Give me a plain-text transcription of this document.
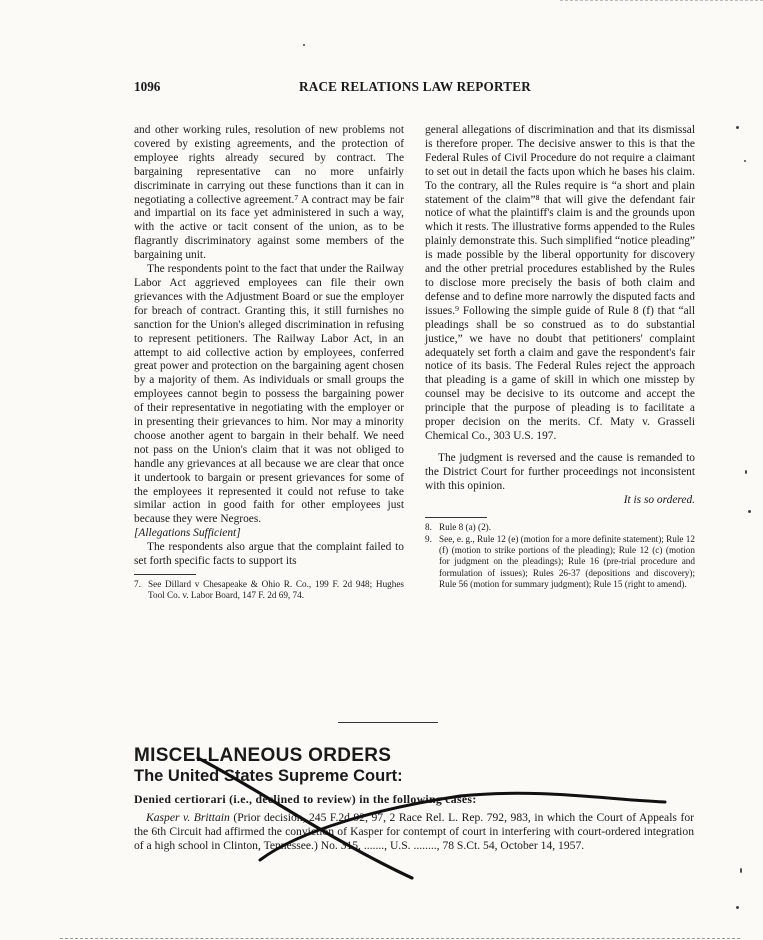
1096	RACE RELATIONS LAW REPORTER

and other working rules, resolution of new problems not covered by existing agreements, and the protection of employee rights already secured by contract. The bargaining representative can no more unfairly discriminate in carrying out these functions than it can in negotiating a collective agreement.⁷ A contract may be fair and impartial on its face yet administered in such a way, with the active or tacit consent of the union, as to be flagrantly discriminatory against some members of the bargaining unit.

The respondents point to the fact that under the Railway Labor Act aggrieved employees can file their own grievances with the Adjustment Board or sue the employer for breach of contract. Granting this, it still furnishes no sanction for the Union's alleged discrimination in refusing to represent petitioners. The Railway Labor Act, in an attempt to aid collective action by employees, conferred great power and protection on the bargaining agent chosen by a majority of them. As individuals or small groups the employees cannot begin to possess the bargaining power of their representative in negotiating with the employer or in presenting their grievances to him. Nor may a minority choose another agent to bargain in their behalf. We need not pass on the Union's claim that it was not obliged to handle any grievances at all because we are clear that once it undertook to bargain or present grievances for some of the employees it represented it could not refuse to take similar action in good faith for other employees just because they were Negroes.

[Allegations Sufficient]

The respondents also argue that the complaint failed to set forth specific facts to support its

7. See Dillard v Chesapeake & Ohio R. Co., 199 F. 2d 948; Hughes Tool Co. v. Labor Board, 147 F. 2d 69, 74.

general allegations of discrimination and that its dismissal is therefore proper. The decisive answer to this is that the Federal Rules of Civil Procedure do not require a claimant to set out in detail the facts upon which he bases his claim. To the contrary, all the Rules require is “a short and plain statement of the claim”⁸ that will give the defendant fair notice of what the plaintiff's claim is and the grounds upon which it rests. The illustrative forms appended to the Rules plainly demonstrate this. Such simplified “notice pleading” is made possible by the liberal opportunity for discovery and the other pretrial procedures established by the Rules to disclose more precisely the basis of both claim and defense and to define more narrowly the disputed facts and issues.⁹ Following the simple guide of Rule 8 (f) that “all pleadings shall be so construed as to do substantial justice,” we have no doubt that petitioners' complaint adequately set forth a claim and gave the respondent's fair notice of its basis. The Federal Rules reject the approach that pleading is a game of skill in which one misstep by counsel may be decisive to its outcome and accept the principle that the purpose of pleading is to facilitate a proper decision on the merits. Cf. Maty v. Grasseli Chemical Co., 303 U.S. 197.

The judgment is reversed and the cause is remanded to the District Court for further proceedings not inconsistent with this opinion.

It is so ordered.

8. Rule 8 (a) (2).
9. See, e. g., Rule 12 (e) (motion for a more definite statement); Rule 12 (f) (motion to strike portions of the pleading); Rule 12 (c) (motion for judgment on the pleadings); Rule 16 (pre-trial procedure and formulation of issues); Rules 26-37 (depositions and discovery); Rule 56 (motion for summary judgment); Rule 15 (right to amend).
MISCELLANEOUS ORDERS
The United States Supreme Court:
Denied certiorari (i.e., declined to review) in the following cases:
Kasper v. Brittain (Prior decision, 245 F.2d 92, 97, 2 Race Rel. L. Rep. 792, 983, in which the Court of Appeals for the 6th Circuit had affirmed the conviction of Kasper for contempt of court in interfering with court-ordered integration of a high school in Clinton, Tennessee.) No. 315, ......., U.S. ........, 78 S.Ct. 54, October 14, 1957.
